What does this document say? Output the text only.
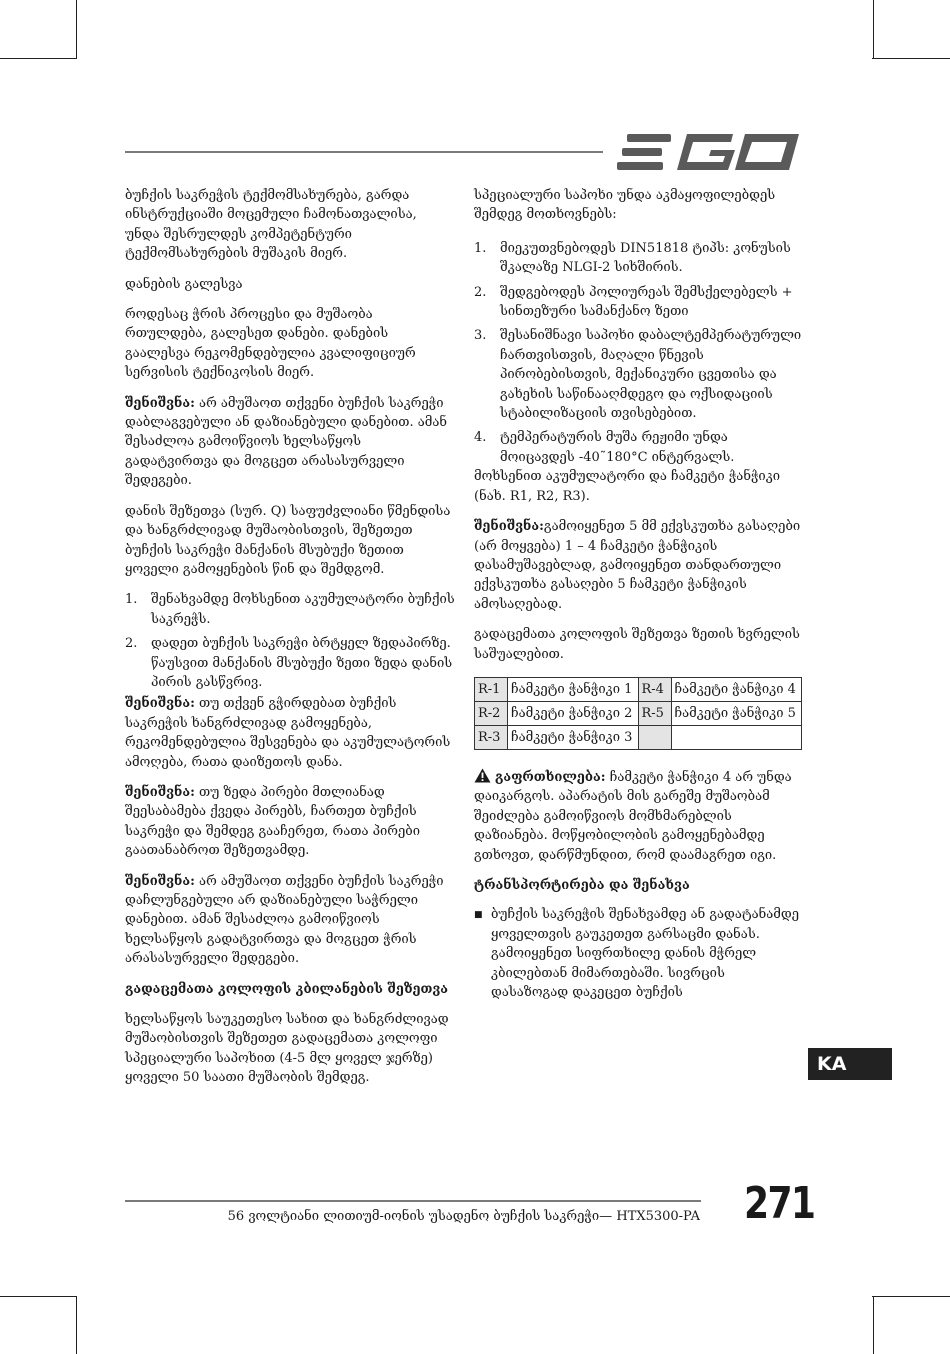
ბუჩქის საკრეჭის ტექმომსახურება, გარდა ინსტრუქციაში მოცემული ჩამონათვალისა, უნდა შესრულდეს კომპეტენტური ტექმომსახურების მუშაკის მიერ.

დანების გალესვა

როდესაც ჭრის პროცესი და მუშაობა რთულდება, გალესეთ დანები. დანების გაალესვა რეკომენდებულია კვალიფიციურ სერვისის ტექნიკოსის მიერ.

შენიშვნა: არ ამუშაოთ თქვენი ბუჩქის საკრეჭი დაბლაგვებული ან დაზიანებული დანებით. ამან შესაძლოა გამოიწვიოს ხელსაწყოს გადატვირთვა და მოგცეთ არასასურველი შედეგები.

დანის შეზეთვა (სურ. Q) საფუძვლიანი წმენდისა და ხანგრძლივად მუშაობისთვის, შეზეთეთ ბუჩქის საკრეჭი მანქანის მსუბუქი ზეთით ყოველი გამოყენების წინ და შემდგომ.

1.	შენახვამდე მოხსენით აკუმულატორი ბუჩქის საკრეჭს.
2.	დადეთ ბუჩქის საკრეჭი ბრტყელ ზედაპირზე. წაუსვით მანქანის მსუბუქი ზეთი ზედა დანის პირის გასწვრივ.

შენიშვნა: თუ თქვენ გჭირდებათ ბუჩქის საკრეჭის ხანგრძლივად გამოყენება, რეკომენდებულია შესვენება და აკუმულატორის ამოღება, რათა დაიზეთოს დანა.

შენიშვნა: თუ ზედა პირები მთლიანად შეესაბამება ქვედა პირებს, ჩართეთ ბუჩქის საკრეჭი და შემდეგ გააჩერეთ, რათა პირები გაათანაბროთ შეზეთვამდე.

შენიშვნა: არ ამუშაოთ თქვენი ბუჩქის საკრეჭი დაჩლუნგებული არ დაზიანებული საჭრელი დანებით. ამან შესაძლოა გამოიწვიოს ხელსაწყოს გადატვირთვა და მოგცეთ ჭრის არასასურველი შედეგები.

გადაცემათა კოლოფის კბილანების შეზეთვა

ხელსაწყოს საუკეთესო სახით და ხანგრძლივად მუშაობისთვის შეზეთეთ გადაცემათა კოლოფი სპეციალური საპოხით (4-5 მლ ყოველ ჯერზე) ყოველი 50 საათი მუშაობის შემდეგ.

სპეციალური საპოხი უნდა აკმაყოფილებდეს შემდეგ მოთხოვნებს:

1.	მიეკუთვნებოდეს DIN51818 ტიპს: კონუსის შკალაზე NLGI-2 სიხშირის.
2.	შედგებოდეს პოლიურეას შემსქელებელს + სინთეზური სამანქანო ზეთი
3.	შესანიშნავი საპოხი დაბალტემპერატურული ჩართვისთვის, მაღალი წნევის პირობებისთვის, მექანიკური ცვეთისა და გახეხის საწინააღმდეგო და ოქსიდაციის სტაბილიზაციის თვისებებით.
4.	ტემპერატურის მუშა რეჟიმი უნდა მოიცავდეს -40˜180°C ინტერვალს.

მოხსენით აკუმულატორი და ჩამკეტი ჭანჭიკი (ნახ. R1, R2, R3).

შენიშვნა:გამოიყენეთ 5 მმ ექვსკუთხა გასაღები (არ მოყვება) 1 – 4 ჩამკეტი ჭანჭიკის დასამუშავებლად, გამოიყენეთ თანდართული ექვსკუთხა გასაღები 5 ჩამკეტი ჭანჭიკის ამოსაღებად.

გადაცემათა კოლოფის შეზეთვა ზეთის ხვრელის საშუალებით.

R-1	ჩამკეტი ჭანჭიკი 1	R-4	ჩამკეტი ჭანჭიკი 4
R-2	ჩამკეტი ჭანჭიკი 2	R-5	ჩამკეტი ჭანჭიკი 5
R-3	ჩამკეტი ჭანჭიკი 3		

გაფრთხილება: ჩამკეტი ჭანჭიკი 4 არ უნდა დაიკარგოს. აპარატის მის გარეშე მუშაობამ შეიძლება გამოიწვიოს მომხმარებლის დაზიანება. მოწყობილობის გამოყენებამდე გთხოვთ, დარწმუნდით, რომ დაამაგრეთ იგი.

ტრანსპორტირება და შენახვა

■ ბუჩქის საკრეჭის შენახვამდე ან გადატანამდე ყოველთვის გაუკეთეთ გარსაცმი დანას. გამოიყენეთ სიფრთხილე დანის მჭრელ კბილებთან მიმართებაში. სივრცის დასაზოგად დაკეცეთ ბუჩქის
KA
56 ვოლტიანი ლითიუმ-იონის უსადენო ბუჩქის საკრეჭი— HTX5300-PA 271
